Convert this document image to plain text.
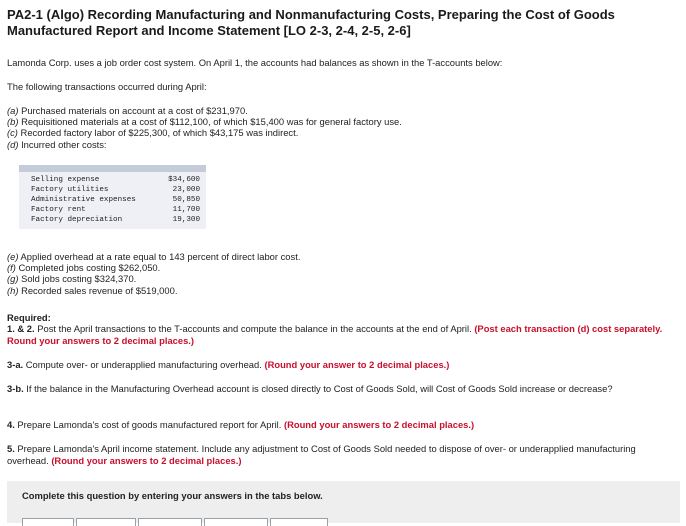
PA2-1 (Algo) Recording Manufacturing and Nonmanufacturing Costs, Preparing the Cost of Goods Manufactured Report and Income Statement [LO 2-3, 2-4, 2-5, 2-6]
Lamonda Corp. uses a job order cost system. On April 1, the accounts had balances as shown in the T-accounts below:
The following transactions occurred during April:
(a) Purchased materials on account at a cost of $231,970.
(b) Requisitioned materials at a cost of $112,100, of which $15,400 was for general factory use.
(c) Recorded factory labor of $225,300, of which $43,175 was indirect.
(d) Incurred other costs:
Selling expense	$34,600
Factory utilities	23,000
Administrative expenses	50,850
Factory rent	11,700
Factory depreciation	19,300
(e) Applied overhead at a rate equal to 143 percent of direct labor cost.
(f) Completed jobs costing $262,050.
(g) Sold jobs costing $324,370.
(h) Recorded sales revenue of $519,000.
Required:
1. & 2. Post the April transactions to the T-accounts and compute the balance in the accounts at the end of April. (Post each transaction (d) cost separately. Round your answers to 2 decimal places.)
3-a. Compute over- or underapplied manufacturing overhead. (Round your answer to 2 decimal places.)
3-b. If the balance in the Manufacturing Overhead account is closed directly to Cost of Goods Sold, will Cost of Goods Sold increase or decrease?
4. Prepare Lamonda's cost of goods manufactured report for April. (Round your answers to 2 decimal places.)
5. Prepare Lamonda's April income statement. Include any adjustment to Cost of Goods Sold needed to dispose of over- or underapplied manufacturing overhead. (Round your answers to 2 decimal places.)
Complete this question by entering your answers in the tabs below.
